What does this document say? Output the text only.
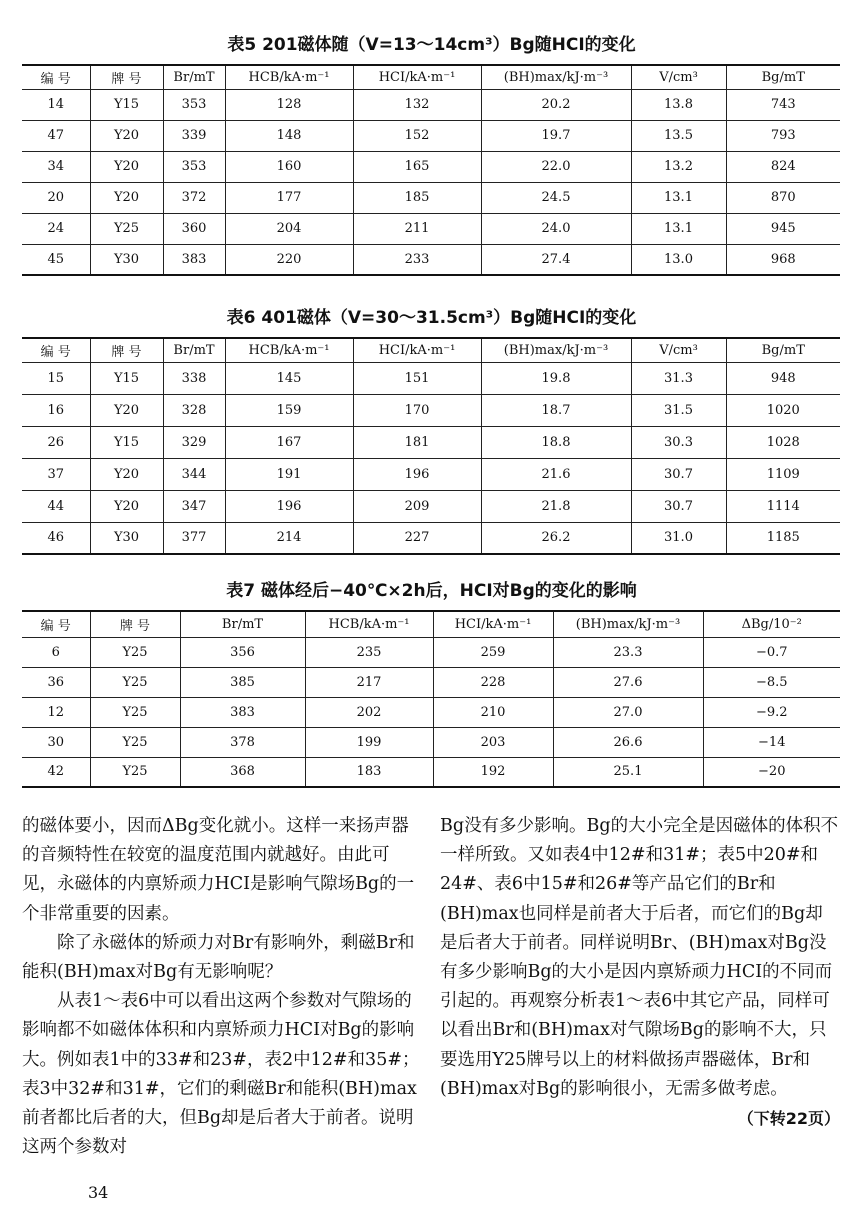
表5 201磁体随（V=13～14cm³）Bg随HCI的变化
编 号	牌 号	Br/mT	HCB/kA·m⁻¹	HCI/kA·m⁻¹	(BH)max/kJ·m⁻³	V/cm³	Bg/mT
14	Y15	353	128	132	20.2	13.8	743
47	Y20	339	148	152	19.7	13.5	793
34	Y20	353	160	165	22.0	13.2	824
20	Y20	372	177	185	24.5	13.1	870
24	Y25	360	204	211	24.0	13.1	945
45	Y30	383	220	233	27.4	13.0	968
表6 401磁体（V=30～31.5cm³）Bg随HCI的变化
编 号	牌 号	Br/mT	HCB/kA·m⁻¹	HCI/kA·m⁻¹	(BH)max/kJ·m⁻³	V/cm³	Bg/mT
15	Y15	338	145	151	19.8	31.3	948
16	Y20	328	159	170	18.7	31.5	1020
26	Y15	329	167	181	18.8	30.3	1028
37	Y20	344	191	196	21.6	30.7	1109
44	Y20	347	196	209	21.8	30.7	1114
46	Y30	377	214	227	26.2	31.0	1185
表7 磁体经后−40℃×2h后，HCI对Bg的变化的影响
编 号	牌 号	Br/mT	HCB/kA·m⁻¹	HCI/kA·m⁻¹	(BH)max/kJ·m⁻³	ΔBg/10⁻²
6	Y25	356	235	259	23.3	−0.7
36	Y25	385	217	228	27.6	−8.5
12	Y25	383	202	210	27.0	−9.2
30	Y25	378	199	203	26.6	−14
42	Y25	368	183	192	25.1	−20

的磁体要小，因而ΔBg变化就小。这样一来扬声器的音频特性在较宽的温度范围内就越好。由此可见，永磁体的内禀矫顽力HCI是影响气隙场Bg的一个非常重要的因素。

除了永磁体的矫顽力对Br有影响外，剩磁Br和能积(BH)max对Bg有无影响呢？

从表1～表6中可以看出这两个参数对气隙场的影响都不如磁体体积和内禀矫顽力HCI对Bg的影响大。例如表1中的33#和23#，表2中12#和35#；表3中32#和31#，它们的剩磁Br和能积(BH)max前者都比后者的大，但Bg却是后者大于前者。说明这两个参数对

Bg没有多少影响。Bg的大小完全是因磁体的体积不一样所致。又如表4中12#和31#；表5中20#和24#、表6中15#和26#等产品它们的Br和(BH)max也同样是前者大于后者，而它们的Bg却是后者大于前者。同样说明Br、(BH)max对Bg没有多少影响Bg的大小是因内禀矫顽力HCI的不同而引起的。再观察分析表1～表6中其它产品，同样可以看出Br和(BH)max对气隙场Bg的影响不大，只要选用Y25牌号以上的材料做扬声器磁体，Br和(BH)max对Bg的影响很小，无需多做考虑。
（下转22页）

34
